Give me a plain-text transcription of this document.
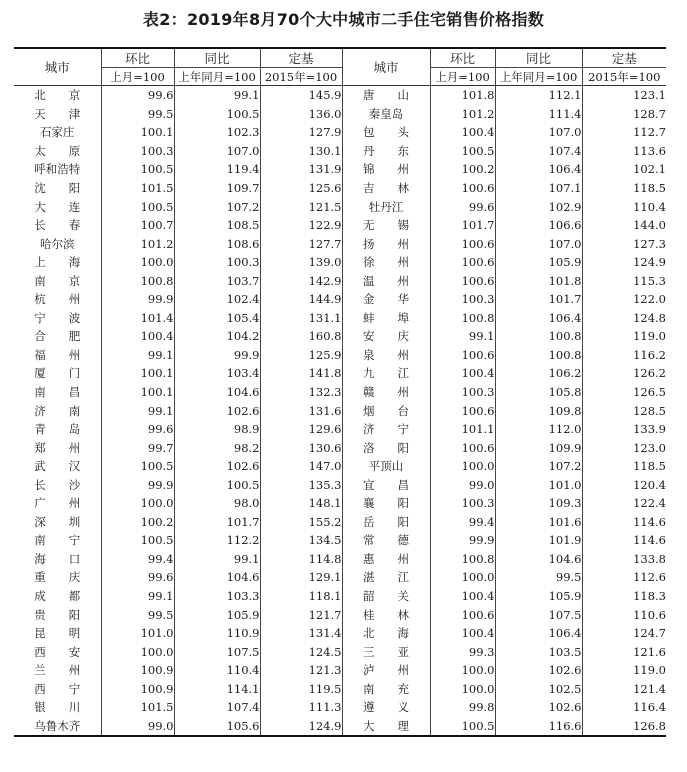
表2：2019年8月70个大中城市二手住宅销售价格指数
城市	环比	同比	定基	城市	环比	同比	定基
	上月=100	上年同月=100	2015年=100		上月=100	上年同月=100	2015年=100
北　　京	99.6	99.1	145.9	唐　　山	101.8	112.1	123.1
天　　津	99.5	100.5	136.0	秦皇岛	101.2	111.4	128.7
石家庄	100.1	102.3	127.9	包　　头	100.4	107.0	112.7
太　　原	100.3	107.0	130.1	丹　　东	100.5	107.4	113.6
呼和浩特	100.5	119.4	131.9	锦　　州	100.2	106.4	102.1
沈　　阳	101.5	109.7	125.6	吉　　林	100.6	107.1	118.5
大　　连	100.5	107.2	121.5	牡丹江	99.6	102.9	110.4
长　　春	100.7	108.5	122.9	无　　锡	101.7	106.6	144.0
哈尔滨	101.2	108.6	127.7	扬　　州	100.6	107.0	127.3
上　　海	100.0	100.3	139.0	徐　　州	100.6	105.9	124.9
南　　京	100.8	103.7	142.9	温　　州	100.6	101.8	115.3
杭　　州	99.9	102.4	144.9	金　　华	100.3	101.7	122.0
宁　　波	101.4	105.4	131.1	蚌　　埠	100.8	106.4	124.8
合　　肥	100.4	104.2	160.8	安　　庆	99.1	100.8	119.0
福　　州	99.1	99.9	125.9	泉　　州	100.6	100.8	116.2
厦　　门	100.1	103.4	141.8	九　　江	100.4	106.2	126.2
南　　昌	100.1	104.6	132.3	赣　　州	100.3	105.8	126.5
济　　南	99.1	102.6	131.6	烟　　台	100.6	109.8	128.5
青　　岛	99.6	98.9	129.6	济　　宁	101.1	112.0	133.9
郑　　州	99.7	98.2	130.6	洛　　阳	100.6	109.9	123.0
武　　汉	100.5	102.6	147.0	平顶山	100.0	107.2	118.5
长　　沙	99.9	100.5	135.3	宜　　昌	99.0	101.0	120.4
广　　州	100.0	98.0	148.1	襄　　阳	100.3	109.3	122.4
深　　圳	100.2	101.7	155.2	岳　　阳	99.4	101.6	114.6
南　　宁	100.5	112.2	134.5	常　　德	99.9	101.9	114.6
海　　口	99.4	99.1	114.8	惠　　州	100.8	104.6	133.8
重　　庆	99.6	104.6	129.1	湛　　江	100.0	99.5	112.6
成　　都	99.1	103.3	118.1	韶　　关	100.4	105.9	118.3
贵　　阳	99.5	105.9	121.7	桂　　林	100.6	107.5	110.6
昆　　明	101.0	110.9	131.4	北　　海	100.4	106.4	124.7
西　　安	100.0	107.5	124.5	三　　亚	99.3	103.5	121.6
兰　　州	100.9	110.4	121.3	泸　　州	100.0	102.6	119.0
西　　宁	100.9	114.1	119.5	南　　充	100.0	102.5	121.4
银　　川	101.5	107.4	111.3	遵　　义	99.8	102.6	116.4
乌鲁木齐	99.0	105.6	124.9	大　　理	100.5	116.6	126.8
